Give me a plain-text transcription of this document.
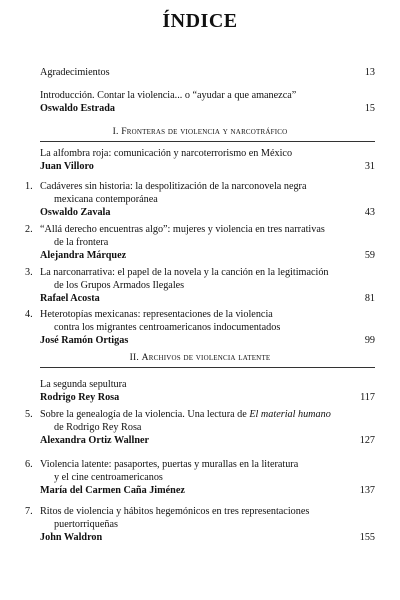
ÍNDICE
Agradecimientos	13
Introducción. Contar la violencia... o “ayudar a que amanezca”
Oswaldo Estrada	15
I. Fronteras de violencia y narcotráfico
La alfombra roja: comunicación y narcoterrorismo en México
Juan Villoro	31
1. Cadáveres sin historia: la despolitización de la narconovela negra
mexicana contemporánea
Oswaldo Zavala	43
2. “Allá derecho encuentras algo”: mujeres y violencia en tres narrativas
de la frontera
Alejandra Márquez	59
3. La narconarrativa: el papel de la novela y la canción en la legitimación
de los Grupos Armados Ilegales
Rafael Acosta	81
4. Heterotopías mexicanas: representaciones de la violencia
contra los migrantes centroamericanos indocumentados
José Ramón Ortigas	99
II. Archivos de violencia latente
La segunda sepultura
Rodrigo Rey Rosa	117
5. Sobre la genealogía de la violencia. Una lectura de El material humano
de Rodrigo Rey Rosa
Alexandra Ortiz Wallner	127
6. Violencia latente: pasaportes, puertas y murallas en la literatura
y el cine centroamericanos
María del Carmen Caña Jiménez	137
7. Ritos de violencia y hábitos hegemónicos en tres representaciones
puertorriqueñas
John Waldron	155
